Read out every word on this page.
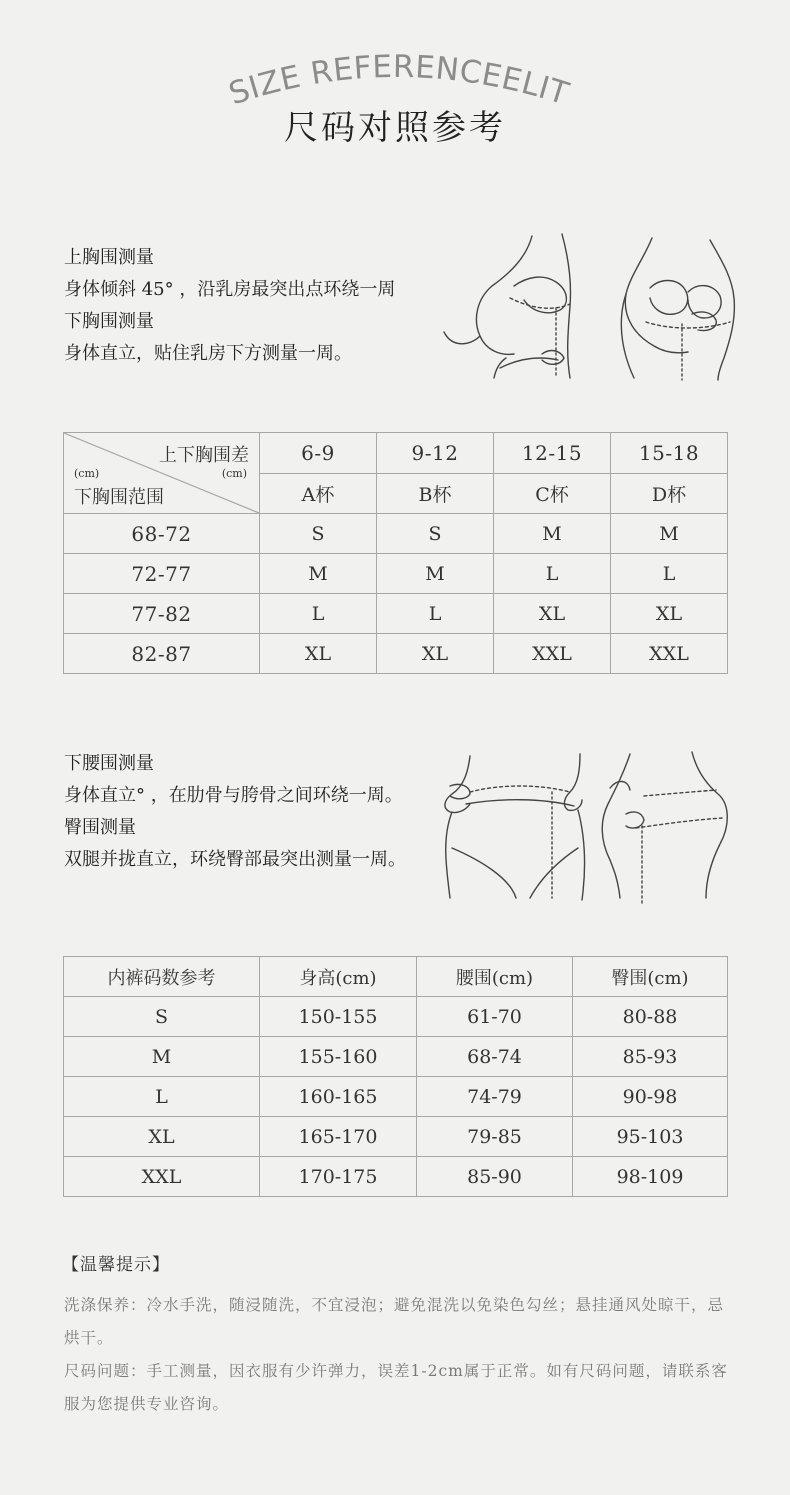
SIZE REFERENCEELIT
尺码对照参考
上胸围测量
身体倾斜 45° ，沿乳房最突出点环绕一周
下胸围测量
身体直立，贴住乳房下方测量一周。
上下胸围差
(cm)
(cm)
下胸围范围	6-9	9-12	12-15	15-18
	A杯	B杯	C杯	D杯
68-72	S	S	M	M
72-77	M	M	L	L
77-82	L	L	XL	XL
82-87	XL	XL	XXL	XXL
下腰围测量
身体直立° ，在肋骨与胯骨之间环绕一周。
臀围测量
双腿并拢直立，环绕臀部最突出测量一周。
内裤码数参考	身高(cm)	腰围(cm)	臀围(cm)
S	150-155	61-70	80-88
M	155-160	68-74	85-93
L	160-165	74-79	90-98
XL	165-170	79-85	95-103
XXL	170-175	85-90	98-109
【温馨提示】
洗涤保养：冷水手洗，随浸随洗，不宜浸泡；避免混洗以免染色勾丝；悬挂通风处晾干，忌烘干。
尺码问题：手工测量，因衣服有少许弹力，误差1-2cm属于正常。如有尺码问题，请联系客服为您提供专业咨询。
